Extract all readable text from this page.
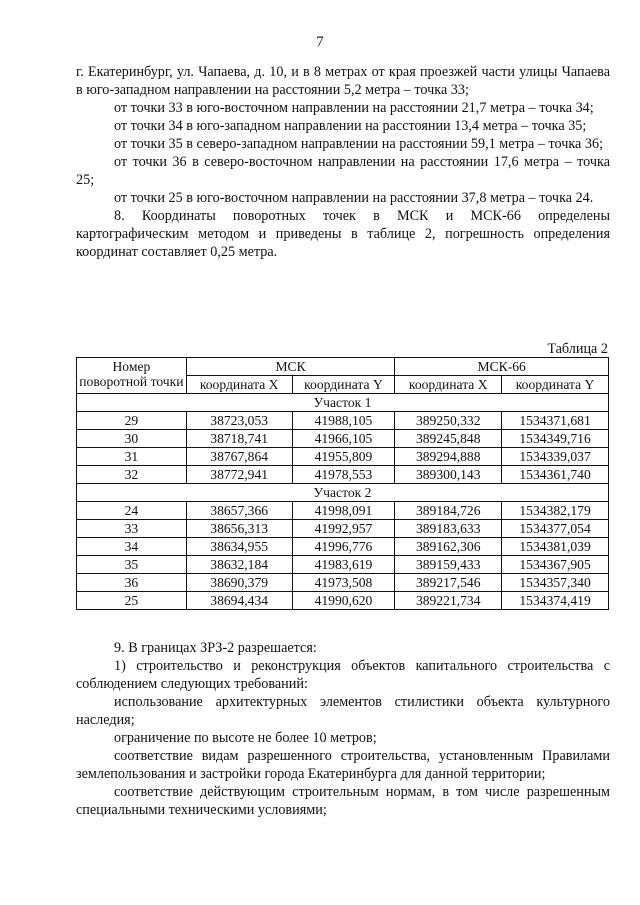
7

г. Екатеринбург, ул. Чапаева, д. 10, и в 8 метрах от края проезжей части улицы Чапаева в юго-западном направлении на расстоянии 5,2 метра – точка 33;

от точки 33 в юго-восточном направлении на расстоянии 21,7 метра – точка 34;

от точки 34 в юго-западном направлении на расстоянии 13,4 метра – точка 35;

от точки 35 в северо-западном направлении на расстоянии 59,1 метра – точка 36;

от точки 36 в северо-восточном направлении на расстоянии 17,6 метра – точка 25;

от точки 25 в юго-восточном направлении на расстоянии 37,8 метра – точка 24.

8. Координаты поворотных точек в МСК и МСК-66 определены картографическим методом и приведены в таблице 2, погрешность определения координат составляет 0,25 метра.

Таблица 2
Номер поворотной точки	МСК		МСК-66	
	координата X	координата Y	координата X	координата Y
Участок 1				
29	38723,053	41988,105	389250,332	1534371,681
30	38718,741	41966,105	389245,848	1534349,716
31	38767,864	41955,809	389294,888	1534339,037
32	38772,941	41978,553	389300,143	1534361,740
Участок 2				
24	38657,366	41998,091	389184,726	1534382,179
33	38656,313	41992,957	389183,633	1534377,054
34	38634,955	41996,776	389162,306	1534381,039
35	38632,184	41983,619	389159,433	1534367,905
36	38690,379	41973,508	389217,546	1534357,340
25	38694,434	41990,620	389221,734	1534374,419

9. В границах ЗРЗ-2 разрешается:

1) строительство и реконструкция объектов капитального строительства с соблюдением следующих требований:

использование архитектурных элементов стилистики объекта культурного наследия;

ограничение по высоте не более 10 метров;

соответствие видам разрешенного строительства, установленным Правилами землепользования и застройки города Екатеринбурга для данной территории;

соответствие действующим строительным нормам, в том числе разрешенным специальными техническими условиями;
